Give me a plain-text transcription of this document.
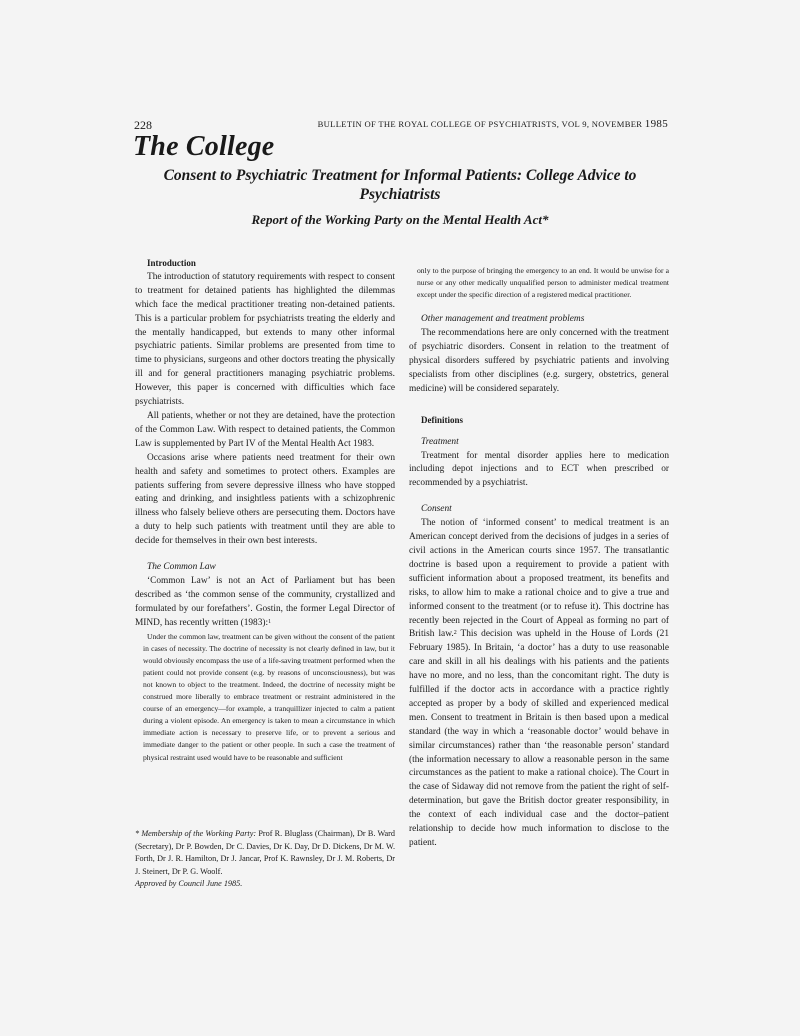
228	BULLETIN OF THE ROYAL COLLEGE OF PSYCHIATRISTS, VOL 9, NOVEMBER 1985
The College
Consent to Psychiatric Treatment for Informal Patients: College Advice to Psychiatrists
Report of the Working Party on the Mental Health Act*

Introduction

The introduction of statutory requirements with respect to consent to treatment for detained patients has highlighted the dilemmas which face the medical practitioner treating non-detained patients. This is a particular problem for psychiatrists treating the elderly and the mentally handicapped, but extends to many other informal psychiatric patients. Similar problems are presented from time to time to physicians, surgeons and other doctors treating the physically ill and for general practitioners managing psychiatric problems. However, this paper is concerned with difficulties which face psychiatrists.

All patients, whether or not they are detained, have the protection of the Common Law. With respect to detained patients, the Common Law is supplemented by Part IV of the Mental Health Act 1983.

Occasions arise where patients need treatment for their own health and safety and sometimes to protect others. Examples are patients suffering from severe depressive illness who have stopped eating and drinking, and insightless patients with a schizophrenic illness who falsely believe others are persecuting them. Doctors have a duty to help such patients with treatment until they are able to decide for themselves in their own best interests.

The Common Law

‘Common Law’ is not an Act of Parliament but has been described as ‘the common sense of the community, crystallized and formulated by our forefathers’. Gostin, the former Legal Director of MIND, has recently written (1983):$^1$

Under the common law, treatment can be given without the consent of the patient in cases of necessity. The doctrine of necessity is not clearly defined in law, but it would obviously encompass the use of a life-saving treatment performed when the patient could not provide consent (e.g. by reasons of unconsciousness), but was not known to object to the treatment. Indeed, the doctrine of necessity might be construed more liberally to embrace treatment or restraint administered in the course of an emergency—for example, a tranquillizer injected to calm a patient during a violent episode. An emergency is taken to mean a circumstance in which immediate action is necessary to preserve life, or to prevent a serious and immediate danger to the patient or other people. In such a case the treatment of physical restraint used would have to be reasonable and sufficient
* Membership of the Working Party: Prof R. Bluglass (Chairman), Dr B. Ward (Secretary), Dr P. Bowden, Dr C. Davies, Dr K. Day, Dr D. Dickens, Dr M. W. Forth, Dr J. R. Hamilton, Dr J. Jancar, Prof K. Rawnsley, Dr J. M. Roberts, Dr J. Steinert, Dr P. G. Woolf.
Approved by Council June 1985.
only to the purpose of bringing the emergency to an end. It would be unwise for a nurse or any other medically unqualified person to administer medical treatment except under the specific direction of a registered medical practitioner.

Other management and treatment problems

The recommendations here are only concerned with the treatment of psychiatric disorders. Consent in relation to the treatment of physical disorders suffered by psychiatric patients and involving specialists from other disciplines (e.g. surgery, obstetrics, general medicine) will be considered separately.

Definitions

Treatment

Treatment for mental disorder applies here to medication including depot injections and to ECT when prescribed or recommended by a psychiatrist.

Consent

The notion of ‘informed consent’ to medical treatment is an American concept derived from the decisions of judges in a series of civil actions in the American courts since 1957. The transatlantic doctrine is based upon a requirement to provide a patient with sufficient information about a proposed treatment, its benefits and risks, to allow him to make a rational choice and to give a true and informed consent to the treatment (or to refuse it). This doctrine has recently been rejected in the Court of Appeal as forming no part of British law.$^2$ This decision was upheld in the House of Lords (21 February 1985). In Britain, ‘a doctor’ has a duty to use reasonable care and skill in all his dealings with his patients and the patients have no more, and no less, than the concomitant right. The duty is fulfilled if the doctor acts in accordance with a practice rightly accepted as proper by a body of skilled and experienced medical men. Consent to treatment in Britain is then based upon a medical standard (the way in which a ‘reasonable doctor’ would behave in similar circumstances) rather than ‘the reasonable person’ standard (the information necessary to allow a reasonable person in the same circumstances as the patient to make a rational choice). The Court in the case of Sidaway did not remove from the patient the right of self-determination, but gave the British doctor greater responsibility, in the context of each individual case and the doctor–patient relationship to decide how much information to disclose to the patient.
